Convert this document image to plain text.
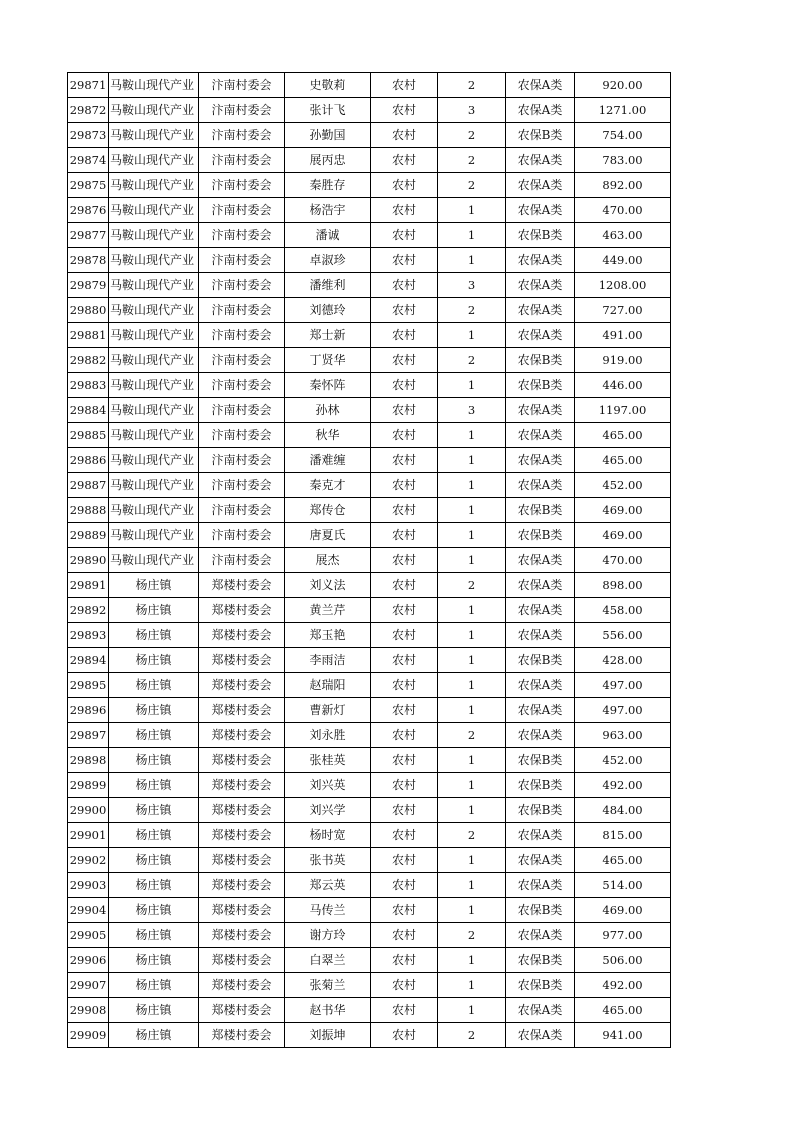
29871	马鞍山现代产业	汴南村委会	史敬莉	农村	2	农保A类	920.00
29872	马鞍山现代产业	汴南村委会	张计飞	农村	3	农保A类	1271.00
29873	马鞍山现代产业	汴南村委会	孙勤国	农村	2	农保B类	754.00
29874	马鞍山现代产业	汴南村委会	展丙忠	农村	2	农保A类	783.00
29875	马鞍山现代产业	汴南村委会	秦胜存	农村	2	农保A类	892.00
29876	马鞍山现代产业	汴南村委会	杨浩宇	农村	1	农保A类	470.00
29877	马鞍山现代产业	汴南村委会	潘诚	农村	1	农保B类	463.00
29878	马鞍山现代产业	汴南村委会	卓淑珍	农村	1	农保A类	449.00
29879	马鞍山现代产业	汴南村委会	潘维利	农村	3	农保A类	1208.00
29880	马鞍山现代产业	汴南村委会	刘德玲	农村	2	农保A类	727.00
29881	马鞍山现代产业	汴南村委会	郑士新	农村	1	农保A类	491.00
29882	马鞍山现代产业	汴南村委会	丁贤华	农村	2	农保B类	919.00
29883	马鞍山现代产业	汴南村委会	秦怀阵	农村	1	农保B类	446.00
29884	马鞍山现代产业	汴南村委会	孙林	农村	3	农保A类	1197.00
29885	马鞍山现代产业	汴南村委会	秋华	农村	1	农保A类	465.00
29886	马鞍山现代产业	汴南村委会	潘难缠	农村	1	农保A类	465.00
29887	马鞍山现代产业	汴南村委会	秦克才	农村	1	农保A类	452.00
29888	马鞍山现代产业	汴南村委会	郑传仓	农村	1	农保B类	469.00
29889	马鞍山现代产业	汴南村委会	唐夏氏	农村	1	农保B类	469.00
29890	马鞍山现代产业	汴南村委会	展杰	农村	1	农保A类	470.00
29891	杨庄镇	郑楼村委会	刘义法	农村	2	农保A类	898.00
29892	杨庄镇	郑楼村委会	黄兰芹	农村	1	农保A类	458.00
29893	杨庄镇	郑楼村委会	郑玉艳	农村	1	农保A类	556.00
29894	杨庄镇	郑楼村委会	李雨洁	农村	1	农保B类	428.00
29895	杨庄镇	郑楼村委会	赵瑞阳	农村	1	农保A类	497.00
29896	杨庄镇	郑楼村委会	曹新灯	农村	1	农保A类	497.00
29897	杨庄镇	郑楼村委会	刘永胜	农村	2	农保A类	963.00
29898	杨庄镇	郑楼村委会	张桂英	农村	1	农保B类	452.00
29899	杨庄镇	郑楼村委会	刘兴英	农村	1	农保B类	492.00
29900	杨庄镇	郑楼村委会	刘兴学	农村	1	农保B类	484.00
29901	杨庄镇	郑楼村委会	杨时宽	农村	2	农保A类	815.00
29902	杨庄镇	郑楼村委会	张书英	农村	1	农保A类	465.00
29903	杨庄镇	郑楼村委会	郑云英	农村	1	农保A类	514.00
29904	杨庄镇	郑楼村委会	马传兰	农村	1	农保B类	469.00
29905	杨庄镇	郑楼村委会	谢方玲	农村	2	农保A类	977.00
29906	杨庄镇	郑楼村委会	白翠兰	农村	1	农保B类	506.00
29907	杨庄镇	郑楼村委会	张菊兰	农村	1	农保B类	492.00
29908	杨庄镇	郑楼村委会	赵书华	农村	1	农保A类	465.00
29909	杨庄镇	郑楼村委会	刘振坤	农村	2	农保A类	941.00
